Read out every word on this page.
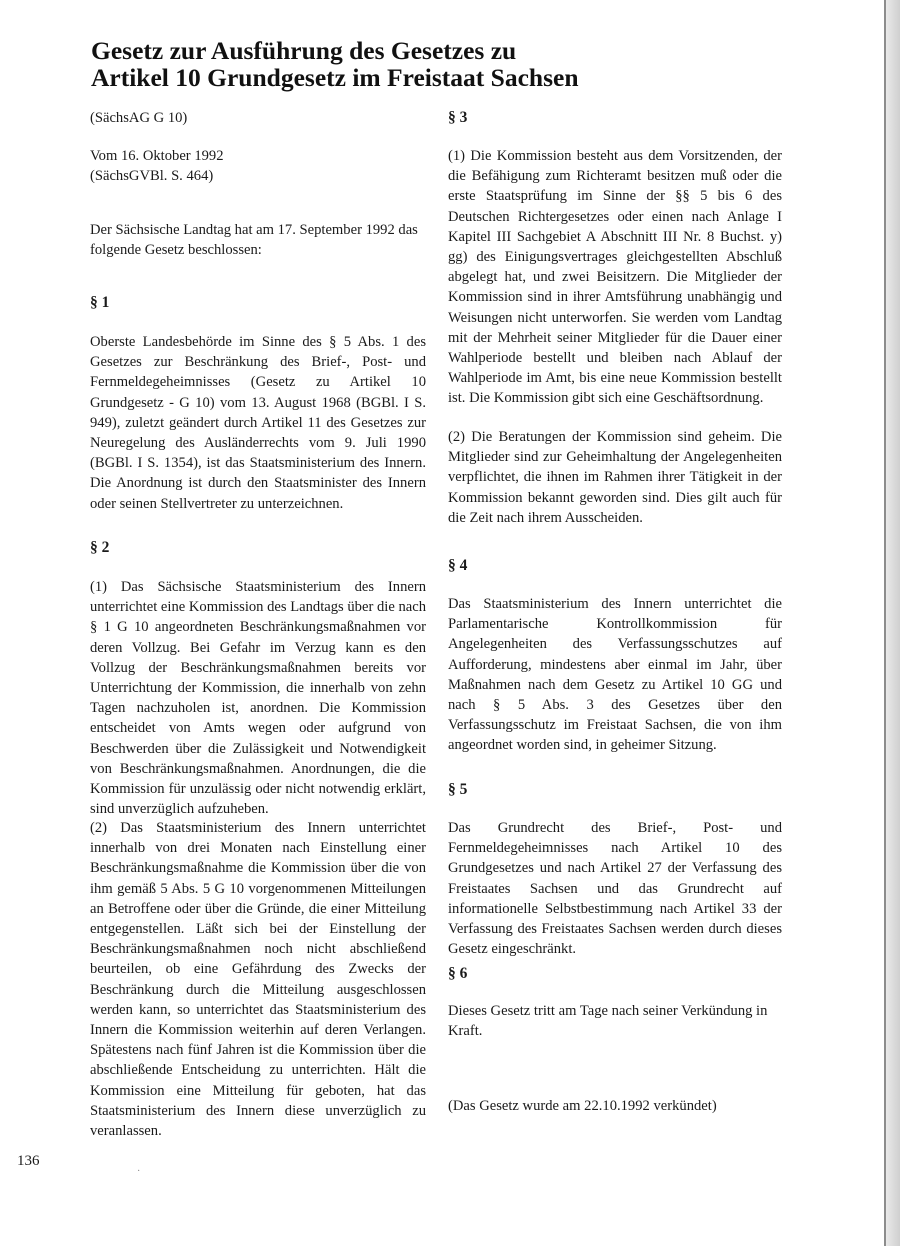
Gesetz zur Ausführung des Gesetzes zu
Artikel 10 Grundgesetz im Freistaat Sachsen
(SächsAG G 10)

Vom 16. Oktober 1992

(SächsGVBl. S. 464)

Der Sächsische Landtag hat am 17. September 1992 das folgende Gesetz beschlossen:
§ 1
Oberste Landesbehörde im Sinne des § 5 Abs. 1 des Gesetzes zur Beschränkung des Brief-, Post- und Fernmeldegeheimnisses (Gesetz zu Artikel 10 Grundgesetz - G 10) vom 13. August 1968 (BGBl. I S. 949), zuletzt geändert durch Artikel 11 des Gesetzes zur Neuregelung des Ausländerrechts vom 9. Juli 1990 (BGBl. I S. 1354), ist das Staatsministerium des Innern. Die Anordnung ist durch den Staatsminister des Innern oder seinen Stellvertreter zu unterzeichnen.
§ 2
(1) Das Sächsische Staatsministerium des Innern unterrichtet eine Kommission des Landtags über die nach § 1 G 10 angeordneten Beschränkungsmaßnahmen vor deren Vollzug. Bei Gefahr im Verzug kann es den Vollzug der Beschränkungsmaßnahmen bereits vor Unterrichtung der Kommission, die innerhalb von zehn Tagen nachzuholen ist, anordnen. Die Kommission entscheidet von Amts wegen oder aufgrund von Beschwerden über die Zulässigkeit und Notwendigkeit von Beschränkungsmaßnahmen. Anordnungen, die die Kommission für unzulässig oder nicht notwendig erklärt, sind unverzüglich aufzuheben.
(2) Das Staatsministerium des Innern unterrichtet innerhalb von drei Monaten nach Einstellung einer Beschränkungsmaßnahme die Kommission über die von ihm gemäß 5 Abs. 5 G 10 vorgenommenen Mitteilungen an Betroffene oder über die Gründe, die einer Mitteilung entgegenstellen. Läßt sich bei der Einstellung der Beschränkungsmaßnahmen noch nicht abschließend beurteilen, ob eine Gefährdung des Zwecks der Beschränkung durch die Mitteilung ausgeschlossen werden kann, so unterrichtet das Staatsministerium des Innern die Kommission weiterhin auf deren Verlangen. Spätestens nach fünf Jahren ist die Kommission über die abschließende Entscheidung zu unterrichten. Hält die Kommission eine Mitteilung für geboten, hat das Staatsministerium des Innern diese unverzüglich zu veranlassen.
§ 3
(1) Die Kommission besteht aus dem Vorsitzenden, der die Befähigung zum Richteramt besitzen muß oder die erste Staatsprüfung im Sinne der §§ 5 bis 6 des Deutschen Richtergesetzes oder einen nach Anlage I Kapitel III Sachgebiet A Abschnitt III Nr. 8 Buchst. y) gg) des Einigungsvertrages gleichgestellten Abschluß abgelegt hat, und zwei Beisitzern. Die Mitglieder der Kommission sind in ihrer Amtsführung unabhängig und Weisungen nicht unterworfen. Sie werden vom Landtag mit der Mehrheit seiner Mitglieder für die Dauer einer Wahlperiode bestellt und bleiben nach Ablauf der Wahlperiode im Amt, bis eine neue Kommission bestellt ist. Die Kommission gibt sich eine Geschäftsordnung.
(2) Die Beratungen der Kommission sind geheim. Die Mitglieder sind zur Geheimhaltung der Angelegenheiten verpflichtet, die ihnen im Rahmen ihrer Tätigkeit in der Kommission bekannt geworden sind. Dies gilt auch für die Zeit nach ihrem Ausscheiden.
§ 4
Das Staatsministerium des Innern unterrichtet die Parlamentarische Kontrollkommission für Angelegenheiten des Verfassungsschutzes auf Aufforderung, mindestens aber einmal im Jahr, über Maßnahmen nach dem Gesetz zu Artikel 10 GG und nach § 5 Abs. 3 des Gesetzes über den Verfassungsschutz im Freistaat Sachsen, die von ihm angeordnet worden sind, in geheimer Sitzung.
§ 5
Das Grundrecht des Brief-, Post- und Fernmeldegeheimnisses nach Artikel 10 des Grundgesetzes und nach Artikel 27 der Verfassung des Freistaates Sachsen und das Grundrecht auf informationelle Selbstbestimmung nach Artikel 33 der Verfassung des Freistaates Sachsen werden durch dieses Gesetz eingeschränkt.
§ 6
Dieses Gesetz tritt am Tage nach seiner Verkündung in Kraft.
(Das Gesetz wurde am 22.10.1992 verkündet)
136
·
